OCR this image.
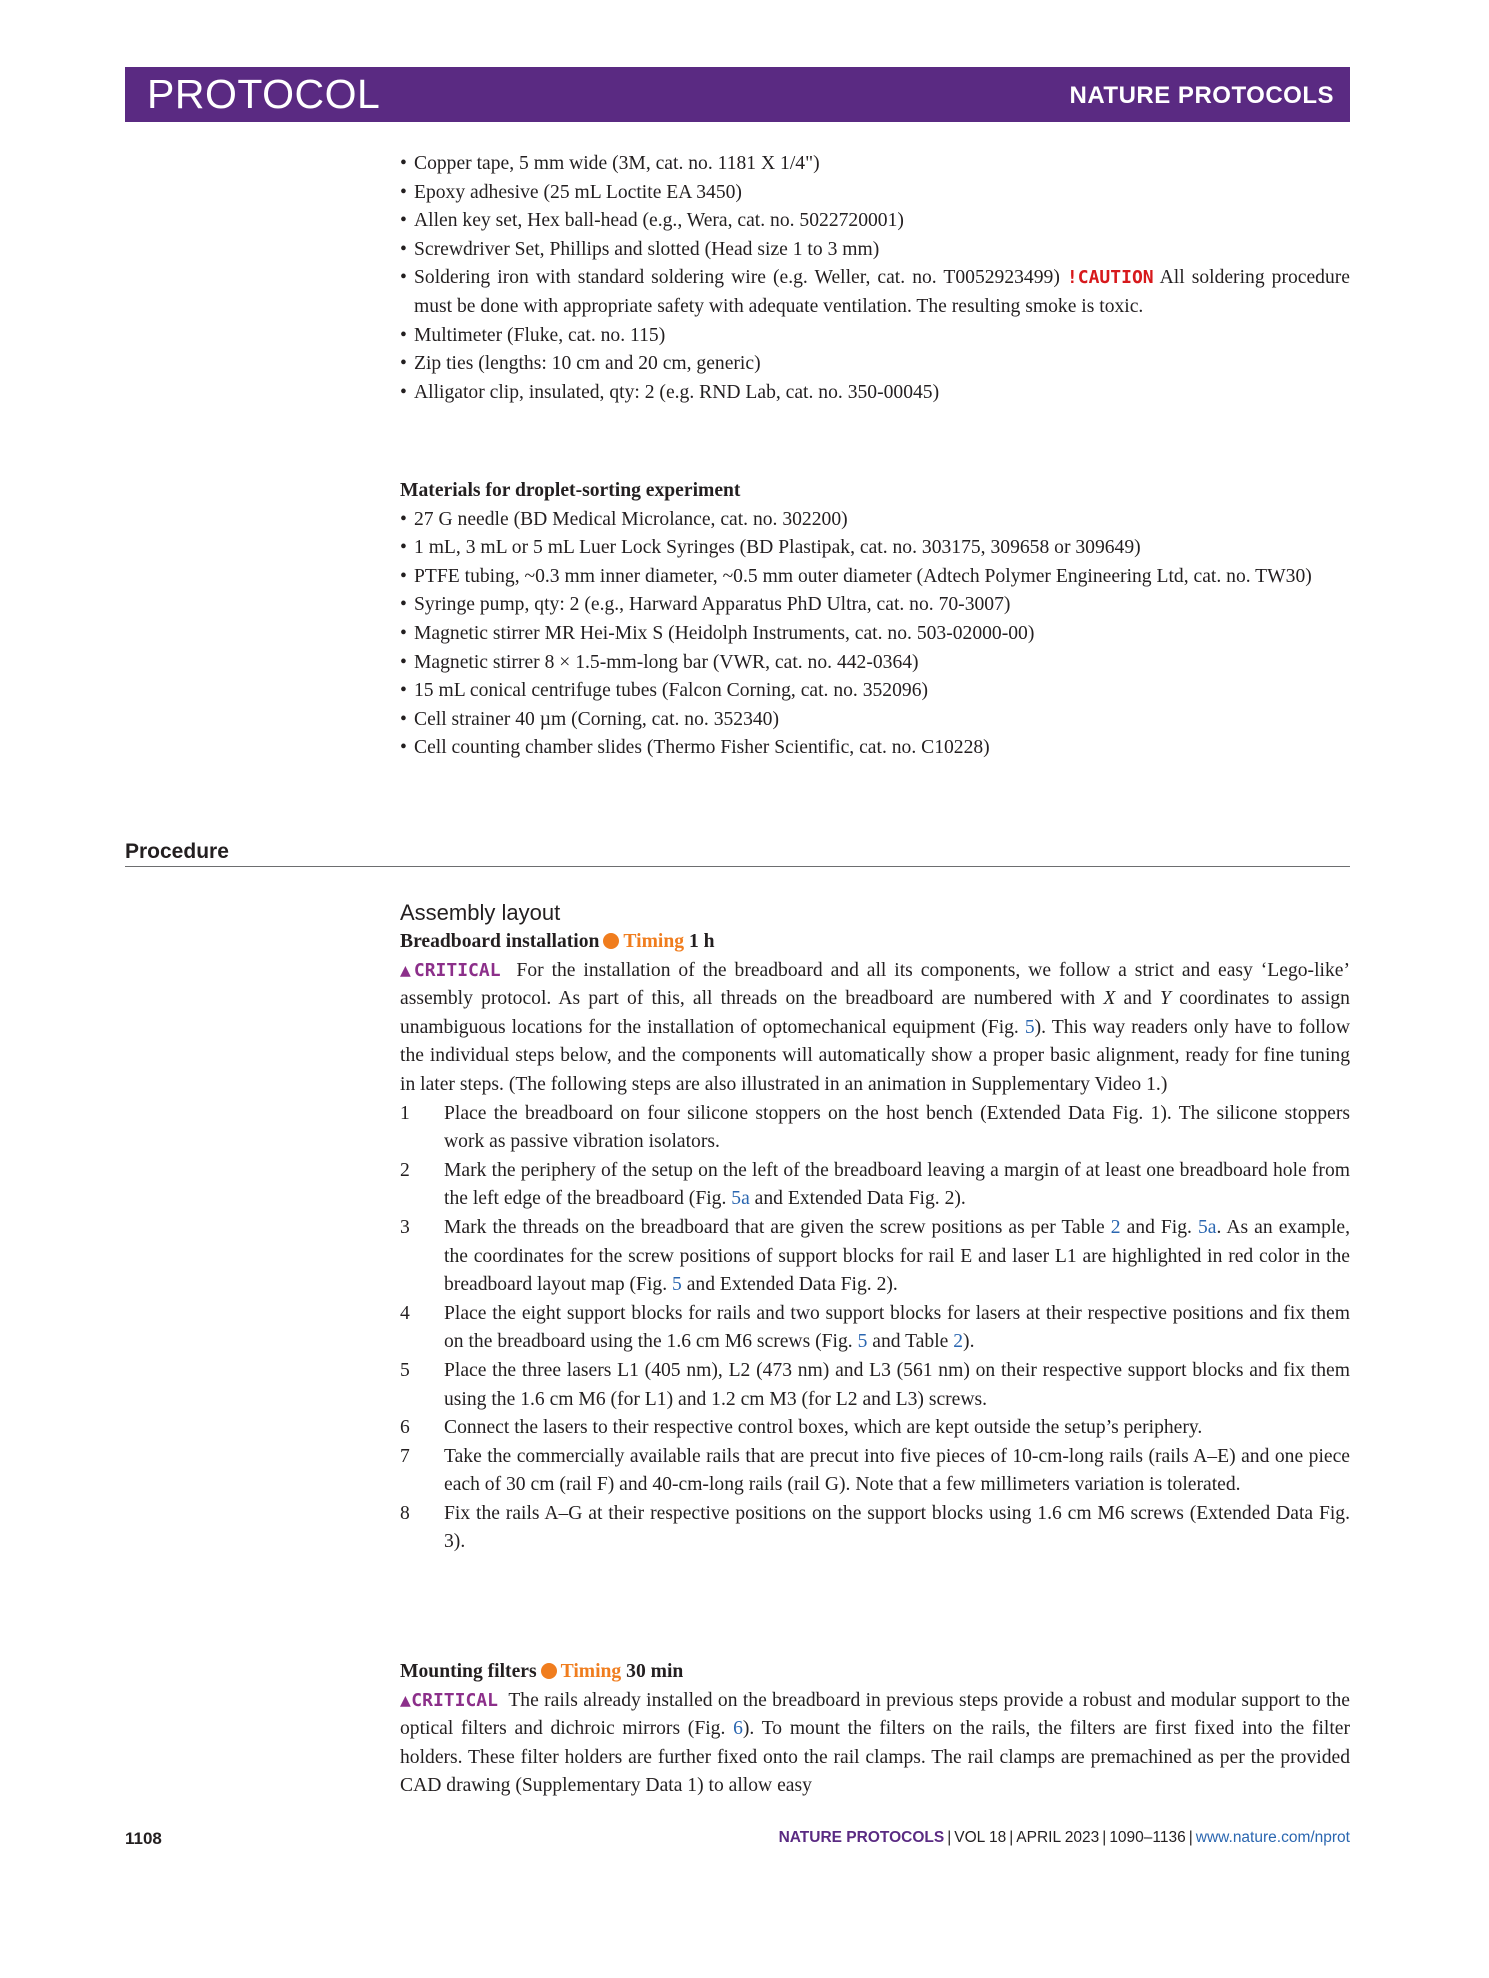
PROTOCOL	NATURE PROTOCOLS
• Copper tape, 5 mm wide (3M, cat. no. 1181 X 1/4")
• Epoxy adhesive (25 mL Loctite EA 3450)
• Allen key set, Hex ball-head (e.g., Wera, cat. no. 5022720001)
• Screwdriver Set, Phillips and slotted (Head size 1 to 3 mm)
• Soldering iron with standard soldering wire (e.g. Weller, cat. no. T0052923499) !CAUTION All soldering procedure must be done with appropriate safety with adequate ventilation. The resulting smoke is toxic.
• Multimeter (Fluke, cat. no. 115)
• Zip ties (lengths: 10 cm and 20 cm, generic)
• Alligator clip, insulated, qty: 2 (e.g. RND Lab, cat. no. 350-00045)

Materials for droplet-sorting experiment

• 27 G needle (BD Medical Microlance, cat. no. 302200)
• 1 mL, 3 mL or 5 mL Luer Lock Syringes (BD Plastipak, cat. no. 303175, 309658 or 309649)
• PTFE tubing, ~0.3 mm inner diameter, ~0.5 mm outer diameter (Adtech Polymer Engineering Ltd, cat. no. TW30)
• Syringe pump, qty: 2 (e.g., Harward Apparatus PhD Ultra, cat. no. 70-3007)
• Magnetic stirrer MR Hei-Mix S (Heidolph Instruments, cat. no. 503-02000-00)
• Magnetic stirrer 8 × 1.5-mm-long bar (VWR, cat. no. 442-0364)
• 15 mL conical centrifuge tubes (Falcon Corning, cat. no. 352096)
• Cell strainer 40 µm (Corning, cat. no. 352340)
• Cell counting chamber slides (Thermo Fisher Scientific, cat. no. C10228)
Procedure

Assembly layout

Breadboard installation Timing 1 h

▲CRITICAL For the installation of the breadboard and all its components, we follow a strict and easy ‘Lego-like’ assembly protocol. As part of this, all threads on the breadboard are numbered with X and Y coordinates to assign unambiguous locations for the installation of optomechanical equipment (Fig. 5). This way readers only have to follow the individual steps below, and the components will automatically show a proper basic alignment, ready for fine tuning in later steps. (The following steps are also illustrated in an animation in Supplementary Video 1.)

1 Place the breadboard on four silicone stoppers on the host bench (Extended Data Fig. 1). The silicone stoppers work as passive vibration isolators.
2 Mark the periphery of the setup on the left of the breadboard leaving a margin of at least one breadboard hole from the left edge of the breadboard (Fig. 5a and Extended Data Fig. 2).
3 Mark the threads on the breadboard that are given the screw positions as per Table 2 and Fig. 5a. As an example, the coordinates for the screw positions of support blocks for rail E and laser L1 are highlighted in red color in the breadboard layout map (Fig. 5 and Extended Data Fig. 2).
4 Place the eight support blocks for rails and two support blocks for lasers at their respective positions and fix them on the breadboard using the 1.6 cm M6 screws (Fig. 5 and Table 2).
5 Place the three lasers L1 (405 nm), L2 (473 nm) and L3 (561 nm) on their respective support blocks and fix them using the 1.6 cm M6 (for L1) and 1.2 cm M3 (for L2 and L3) screws.
6 Connect the lasers to their respective control boxes, which are kept outside the setup’s periphery.
7 Take the commercially available rails that are precut into five pieces of 10-cm-long rails (rails A–E) and one piece each of 30 cm (rail F) and 40-cm-long rails (rail G). Note that a few millimeters variation is tolerated.
8 Fix the rails A–G at their respective positions on the support blocks using 1.6 cm M6 screws (Extended Data Fig. 3).

Mounting filters Timing 30 min

▲CRITICAL The rails already installed on the breadboard in previous steps provide a robust and modular support to the optical filters and dichroic mirrors (Fig. 6). To mount the filters on the rails, the filters are first fixed into the filter holders. These filter holders are further fixed onto the rail clamps. The rail clamps are premachined as per the provided CAD drawing (Supplementary Data 1) to allow easy

1108	NATURE PROTOCOLS | VOL 18 | APRIL 2023 | 1090–1136 | www.nature.com/nprot
